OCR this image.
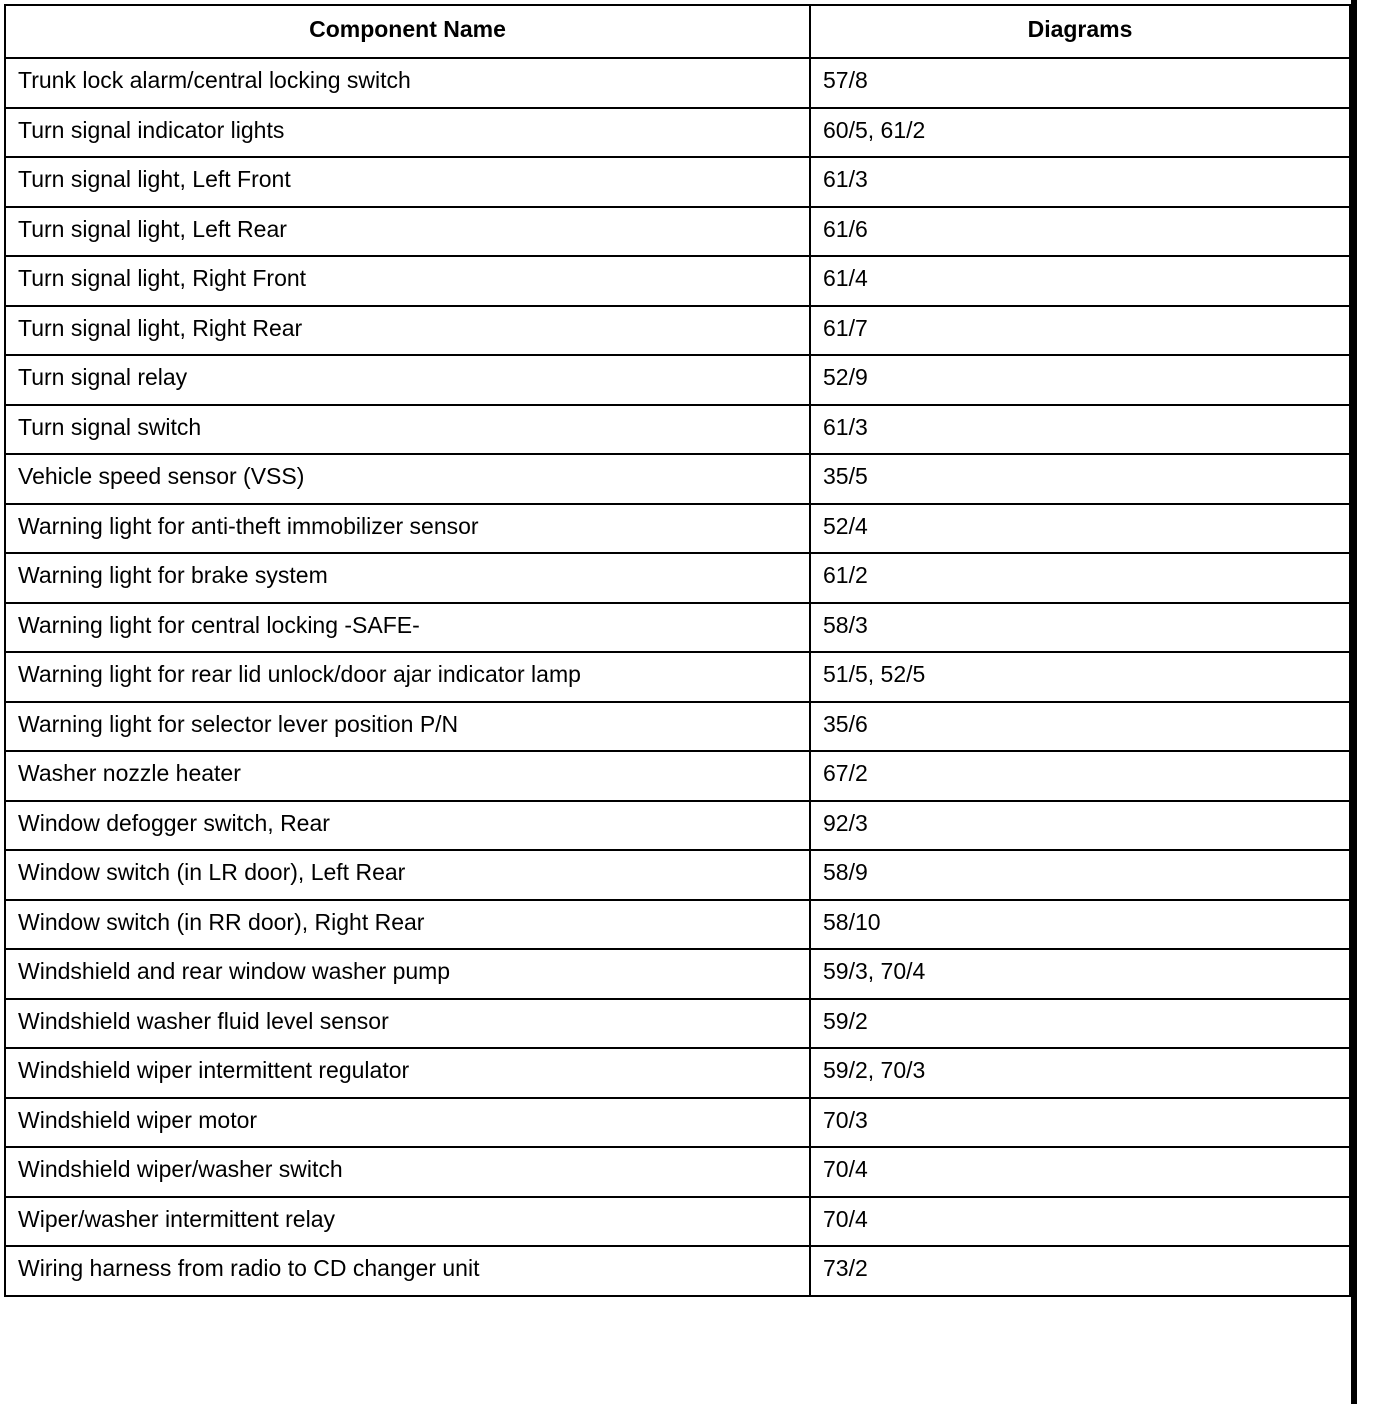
Component Name	Diagrams
Trunk lock alarm/central locking switch	57/8
Turn signal indicator lights	60/5, 61/2
Turn signal light, Left Front	61/3
Turn signal light, Left Rear	61/6
Turn signal light, Right Front	61/4
Turn signal light, Right Rear	61/7
Turn signal relay	52/9
Turn signal switch	61/3
Vehicle speed sensor (VSS)	35/5
Warning light for anti-theft immobilizer sensor	52/4
Warning light for brake system	61/2
Warning light for central locking -SAFE-	58/3
Warning light for rear lid unlock/door ajar indicator lamp	51/5, 52/5
Warning light for selector lever position P/N	35/6
Washer nozzle heater	67/2
Window defogger switch, Rear	92/3
Window switch (in LR door), Left Rear	58/9
Window switch (in RR door), Right Rear	58/10
Windshield and rear window washer pump	59/3, 70/4
Windshield washer fluid level sensor	59/2
Windshield wiper intermittent regulator	59/2, 70/3
Windshield wiper motor	70/3
Windshield wiper/washer switch	70/4
Wiper/washer intermittent relay	70/4
Wiring harness from radio to CD changer unit	73/2
